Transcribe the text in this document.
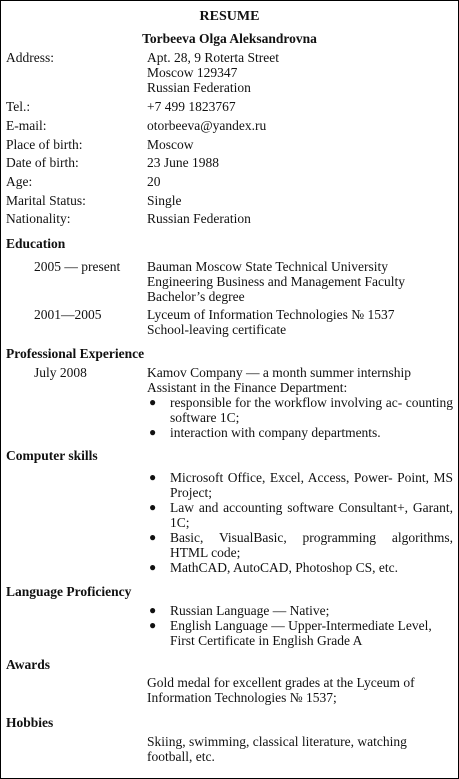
RESUME
Torbeeva Olga Aleksandrovna
Address:	Apt. 28, 9 Roterta Street
Moscow 129347
Russian Federation
Tel.:	+7 499 1823767
E-mail:	otorbeeva@yandex.ru
Place of birth:	Moscow
Date of birth:	23 June 1988
Age:	20
Marital Status:	Single
Nationality:	Russian Federation
Education
2005 — present Bauman Moscow State Technical University
Engineering Business and Management Faculty
Bachelor’s degree
2001—2005	Lyceum of Information Technologies № 1537
School-leaving certificate
Professional Experience
July 2008	Kamov Company — a month summer internship
Assistant in the Finance Department:
● responsible for the workflow involving ac- counting software 1C;
● interaction with company departments.
Computer skills
● Microsoft Office, Excel, Access, Power- Point, MS Project;
● Law and accounting software Consultant+, Garant, 1C;
● Basic, VisualBasic, programming algorithms, HTML code;
● MathCAD, AutoCAD, Photoshop CS, etc.
Language Proficiency
● Russian Language — Native;
● English Language — Upper-Intermediate Level, First Certificate in English Grade A
Awards
Gold medal for excellent grades at the Lyceum of Information Technologies № 1537;
Hobbies
Skiing, swimming, classical literature, watching football, etc.
